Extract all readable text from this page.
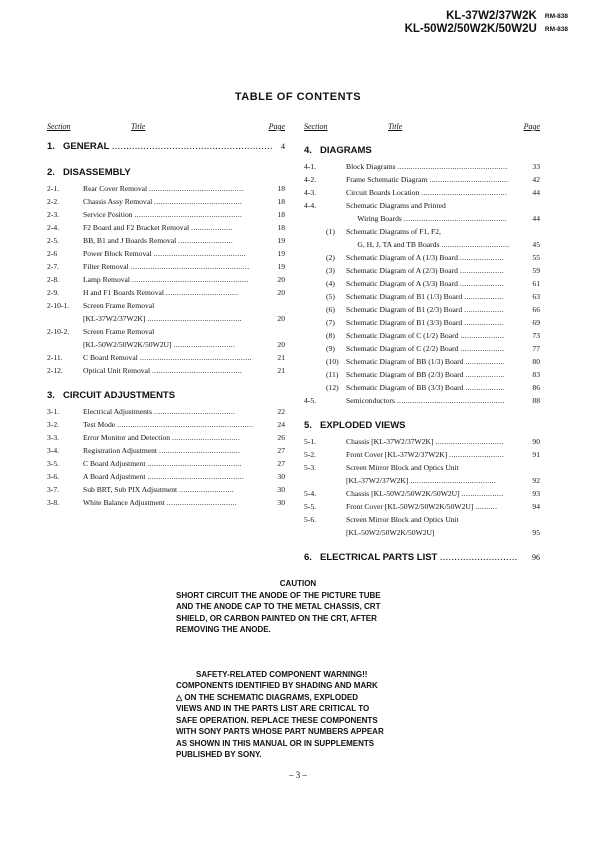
KL-37W2/37W2K RM-838
KL-50W2/50W2K/50W2U RM-838
TABLE OF CONTENTS
Section	Title	Page
1. GENERAL ........................................................ 4
2. DISASSEMBLY
2-1.	Rear Cover Removal ...........................................	18
2-2.	Chassis Assy Removal ........................................	18
2-3.	Service Position .................................................	18
2-4.	F2 Board and F2 Bracket Removal ...................	18
2-5.	BB, B1 and J Boards Removal .........................	19
2-6	Power Block Removal ..........................................	19
2-7.	Filter Removal ......................................................	19
2-8.	Lamp Removal .....................................................	20
2-9.	H and F1 Boards Removal .................................	20
2-10-1. Screen Frame Removal
[KL-37W2/37W2K] ...........................................	20
2-10-2. Screen Frame Removal
[KL-50W2/50W2K/50W2U] ............................	20
2-11.	C Board Removal ...................................................	21
2-12.	Optical Unit Removal .........................................	21
3. CIRCUIT ADJUSTMENTS
3-1.	Electrical Adjustments .....................................	22
3-2.	Test Mode ..............................................................	24
3-3.	Error Monitor and Detection ...............................	26
3-4.	Registration Adjustment .....................................	27
3-5.	C Board Adjustment ...........................................	27
3-6.	A Board Adjustment ............................................	30
3-7.	Sub BRT, Sub PIX Adjsutment .........................	30
3-8.	White Balance Adjustment ................................	30
Section	Title	Page
4. DIAGRAMS
4-1.	Block Diagrams ..................................................	33
4-2.	Frame Schematic Diagram ....................................	42
4-3.	Circuit Boards Location .......................................	44
4-4.	Schematic Diagrams and Printed
Wiring Boards ...............................................	44
(1) Schematic Diagrams of F1, F2,
G, H, J, TA and TB Boards ...............................	45
(2) Schematic Diagram of A (1/3) Board ....................	55
(3) Schematic Diagram of A (2/3) Board ....................	59
(4) Schematic Diagram of A (3/3) Board ....................	61
(5) Schematic Diagram of B1 (1/3) Board ..................	63
(6) Schematic Diagram of B1 (2/3) Board ..................	66
(7) Schematic Diagram of B1 (3/3) Board ..................	69
(8) Schematic Diagram of C (1/2) Board ....................	73
(9) Schematic Diagram of C (2/2) Board ....................	77
(10) Schematic Diagram of BB (1/3) Board ..................	80
(11) Schematic Diagram of BB (2/3) Board ..................	83
(12) Schematic Diagram of BB (3/3) Board ..................	86
4-5.	Semiconductors .................................................	88
5. EXPLODED VIEWS
5-1.	Chassis [KL-37W2/37W2K] ...............................	90
5-2.	Front Cover [KL-37W2/37W2K] .........................	91
5-3.	Screen Mirror Block and Optics Unit
[KL-37W2/37W2K] .......................................	92
5-4.	Chassis [KL-50W2/50W2K/50W2U] ...................	93
5-5.	Front Cover [KL-50W2/50W2K/50W2U] ..........	94
5-6.	Screen Mirror Block and Optics Unit
[KL-50W2/50W2K/50W2U]	95
6. ELECTRICAL PARTS LIST ........................... 96
CAUTION
SHORT CIRCUIT THE ANODE OF THE PICTURE TUBE
AND THE ANODE CAP TO THE METAL CHASSIS, CRT
SHIELD, OR CARBON PAINTED ON THE CRT, AFTER
REMOVING THE ANODE.
SAFETY-RELATED COMPONENT WARNING!!
COMPONENTS IDENTIFIED BY SHADING AND MARK
△ ON THE SCHEMATIC DIAGRAMS, EXPLODED
VIEWS AND IN THE PARTS LIST ARE CRITICAL TO
SAFE OPERATION. REPLACE THESE COMPONENTS
WITH SONY PARTS WHOSE PART NUMBERS APPEAR
AS SHOWN IN THIS MANUAL OR IN SUPPLEMENTS
PUBLISHED BY SONY.
– 3 –
